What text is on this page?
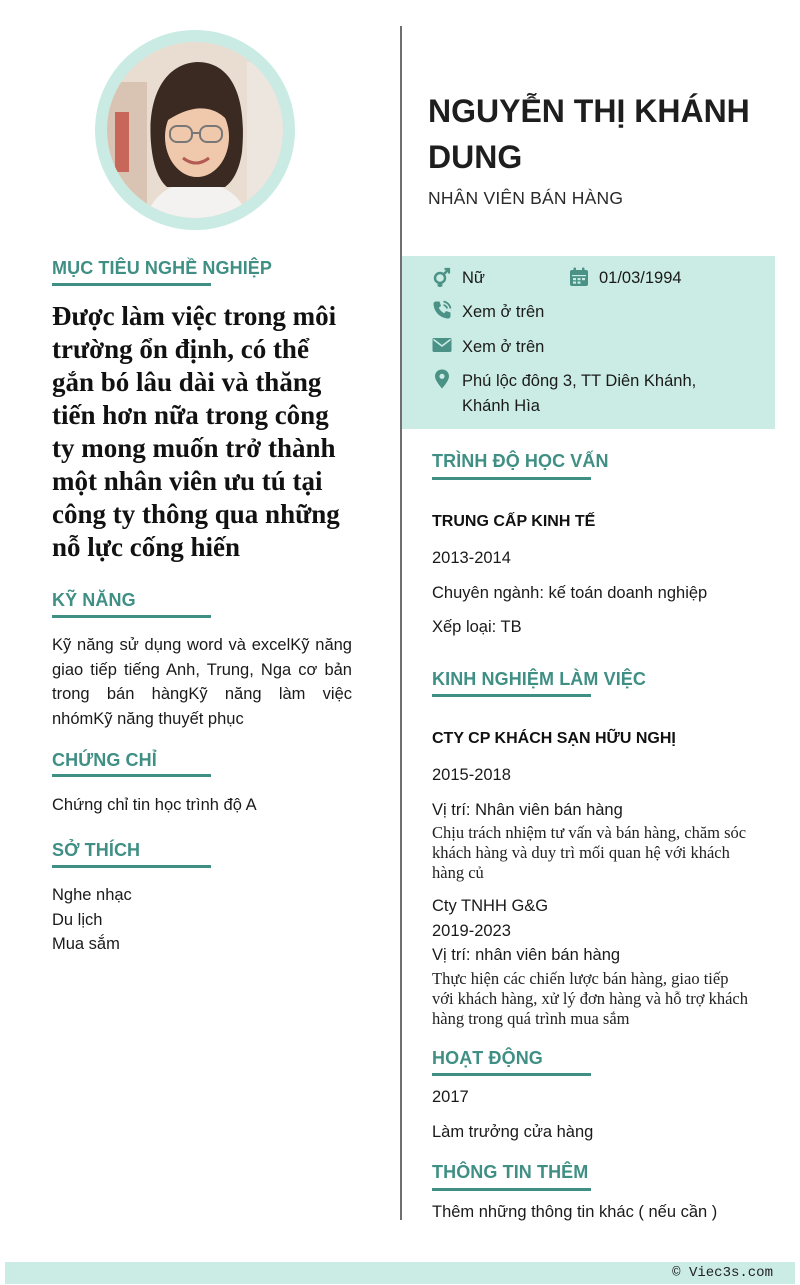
MỤC TIÊU NGHỀ NGHIỆP
Được làm việc trong môi trường ổn định, có thể gắn bó lâu dài và thăng tiến hơn nữa trong công ty mong muốn trở thành một nhân viên ưu tú tại công ty thông qua những nỗ lực cống hiến
KỸ NĂNG
Kỹ năng sử dụng word và excelKỹ năng giao tiếp tiếng Anh, Trung, Nga cơ bản trong bán hàngKỹ năng làm việc nhómKỹ năng thuyết phục
CHỨNG CHỈ
Chứng chỉ tin học trình độ A
SỞ THÍCH
Nghe nhạc
Du lịch
Mua sắm
NGUYỄN THỊ KHÁNH DUNG
NHÂN VIÊN BÁN HÀNG
Nữ	01/03/1994
Xem ở trên
Xem ở trên
Phú lộc đông 3, TT Diên Khánh, Khánh Hìa
TRÌNH ĐỘ HỌC VẤN
TRUNG CẤP KINH TẾ
2013-2014
Chuyên ngành: kế toán doanh nghiệp
Xếp loại: TB
KINH NGHIỆM LÀM VIỆC
CTY CP KHÁCH SẠN HỮU NGHỊ
2015-2018
Vị trí: Nhân viên bán hàng
Chịu trách nhiệm tư vấn và bán hàng, chăm sóc khách hàng và duy trì mối quan hệ với khách hàng củ
Cty TNHH G&G
2019-2023
Vị trí: nhân viên bán hàng
Thực hiện các chiến lược bán hàng, giao tiếp với khách hàng, xử lý đơn hàng và hỗ trợ khách hàng trong quá trình mua sắm
HOẠT ĐỘNG
2017
Làm trưởng cửa hàng
THÔNG TIN THÊM
Thêm những thông tin khác ( nếu cần )
© Viec3s.com
